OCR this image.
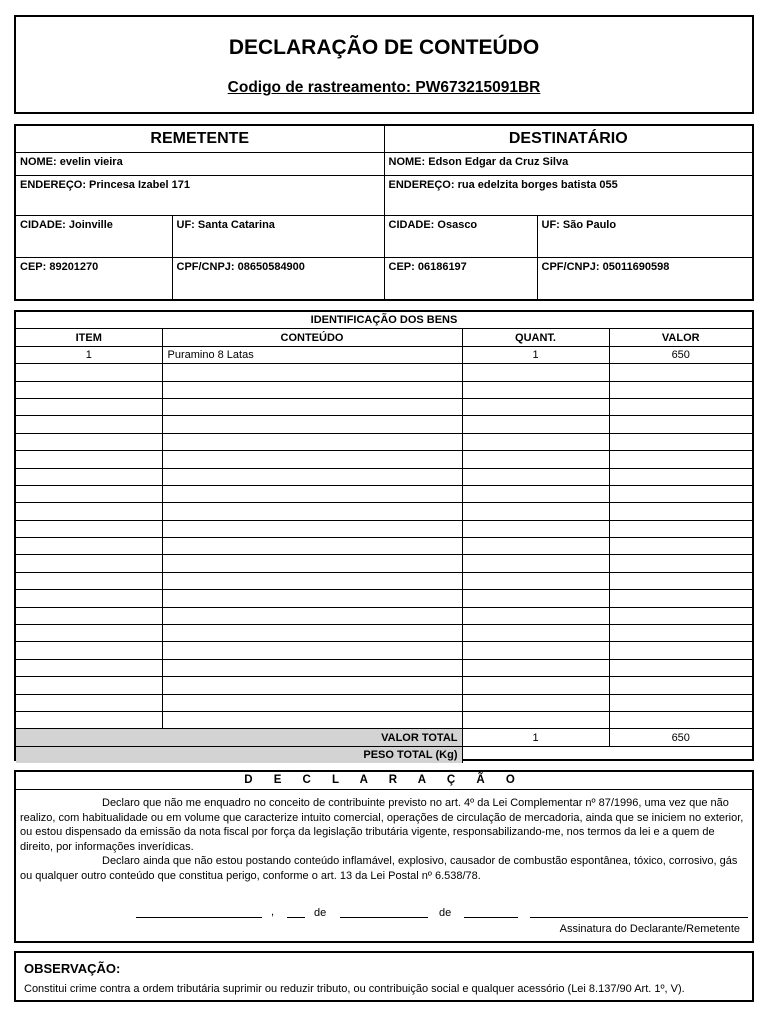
DECLARAÇÃO DE CONTEÚDO
Codigo de rastreamento: PW673215091BR
REMETENTE		DESTINATÁRIO	
NOME: evelin vieira		NOME: Edson Edgar da Cruz Silva	
ENDEREÇO: Princesa Izabel 171		ENDEREÇO: rua edelzita borges batista 055	
CIDADE: Joinville	UF: Santa Catarina	CIDADE: Osasco	UF: São Paulo
CEP: 89201270	CPF/CNPJ: 08650584900	CEP: 06186197	CPF/CNPJ: 05011690598
IDENTIFICAÇÃO DOS BENS			
ITEM	CONTEÚDO	QUANT.	VALOR
1	Puramino 8 Latas	1	650

VALOR TOTAL		1	650
PESO TOTAL (Kg)			
D E C L A R A Ç Ã O

Declaro que não me enquadro no conceito de contribuinte previsto no art. 4º da Lei Complementar nº 87/1996, uma vez que não realizo, com habitualidade ou em volume que caracterize intuito comercial, operações de circulação de mercadoria, ainda que se iniciem no exterior, ou estou dispensado da emissão da nota fiscal por força da legislação tributária vigente, responsabilizando-me, nos termos da lei e a quem de direito, por informações inverídicas.

Declaro ainda que não estou postando conteúdo inflamável, explosivo, causador de combustão espontânea, tóxico, corrosivo, gás ou qualquer outro conteúdo que constitua perigo, conforme o art. 13 da Lei Postal nº 6.538/78.

,	de	de
Assinatura do Declarante/Remetente
OBSERVAÇÃO:
Constitui crime contra a ordem tributária suprimir ou reduzir tributo, ou contribuição social e qualquer acessório (Lei 8.137/90 Art. 1º, V).
